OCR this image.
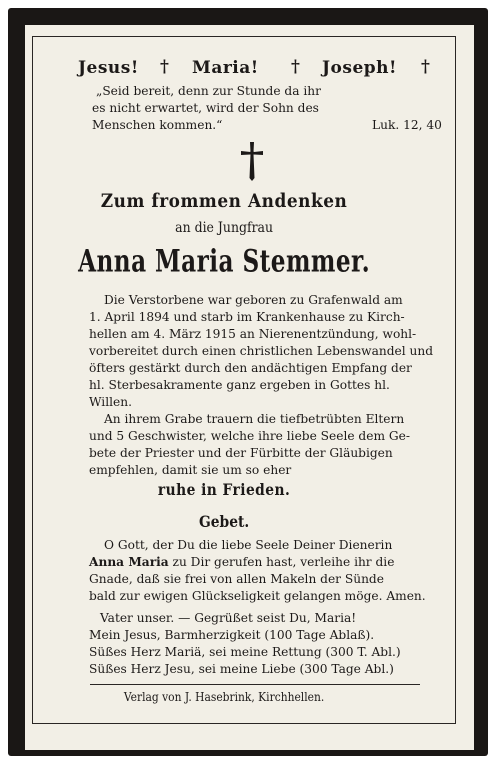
Jesus! † Maria! † Joseph! †
„Seid bereit, denn zur Stunde da ihr
es nicht erwartet, wird der Sohn des
Menschen kommen.“	Luk. 12, 40
Zum frommen Andenken
an die Jungfrau
Anna Maria Stemmer.
Die Verstorbene war geboren zu Grafenwald am
1. April 1894 und starb im Krankenhause zu Kirch-
hellen am 4. März 1915 an Nierenentzündung, wohl-
vorbereitet durch einen christlichen Lebenswandel und
öfters gestärkt durch den andächtigen Empfang der
hl. Sterbesakramente ganz ergeben in Gottes hl.
Willen.
An ihrem Grabe trauern die tiefbetrübten Eltern
und 5 Geschwister, welche ihre liebe Seele dem Ge-
bete der Priester und der Fürbitte der Gläubigen
empfehlen, damit sie um so eher
ruhe in Frieden.
Gebet.
O Gott, der Du die liebe Seele Deiner Dienerin
Anna Maria zu Dir gerufen hast, verleihe ihr die
Gnade, daß sie frei von allen Makeln der Sünde
bald zur ewigen Glückseligkeit gelangen möge. Amen.
Vater unser. — Gegrüßet seist Du, Maria!
Mein Jesus, Barmherzigkeit (100 Tage Ablaß).
Süßes Herz Mariä, sei meine Rettung (300 T. Abl.)
Süßes Herz Jesu, sei meine Liebe (300 Tage Abl.)
Verlag von J. Hasebrink, Kirchhellen.
